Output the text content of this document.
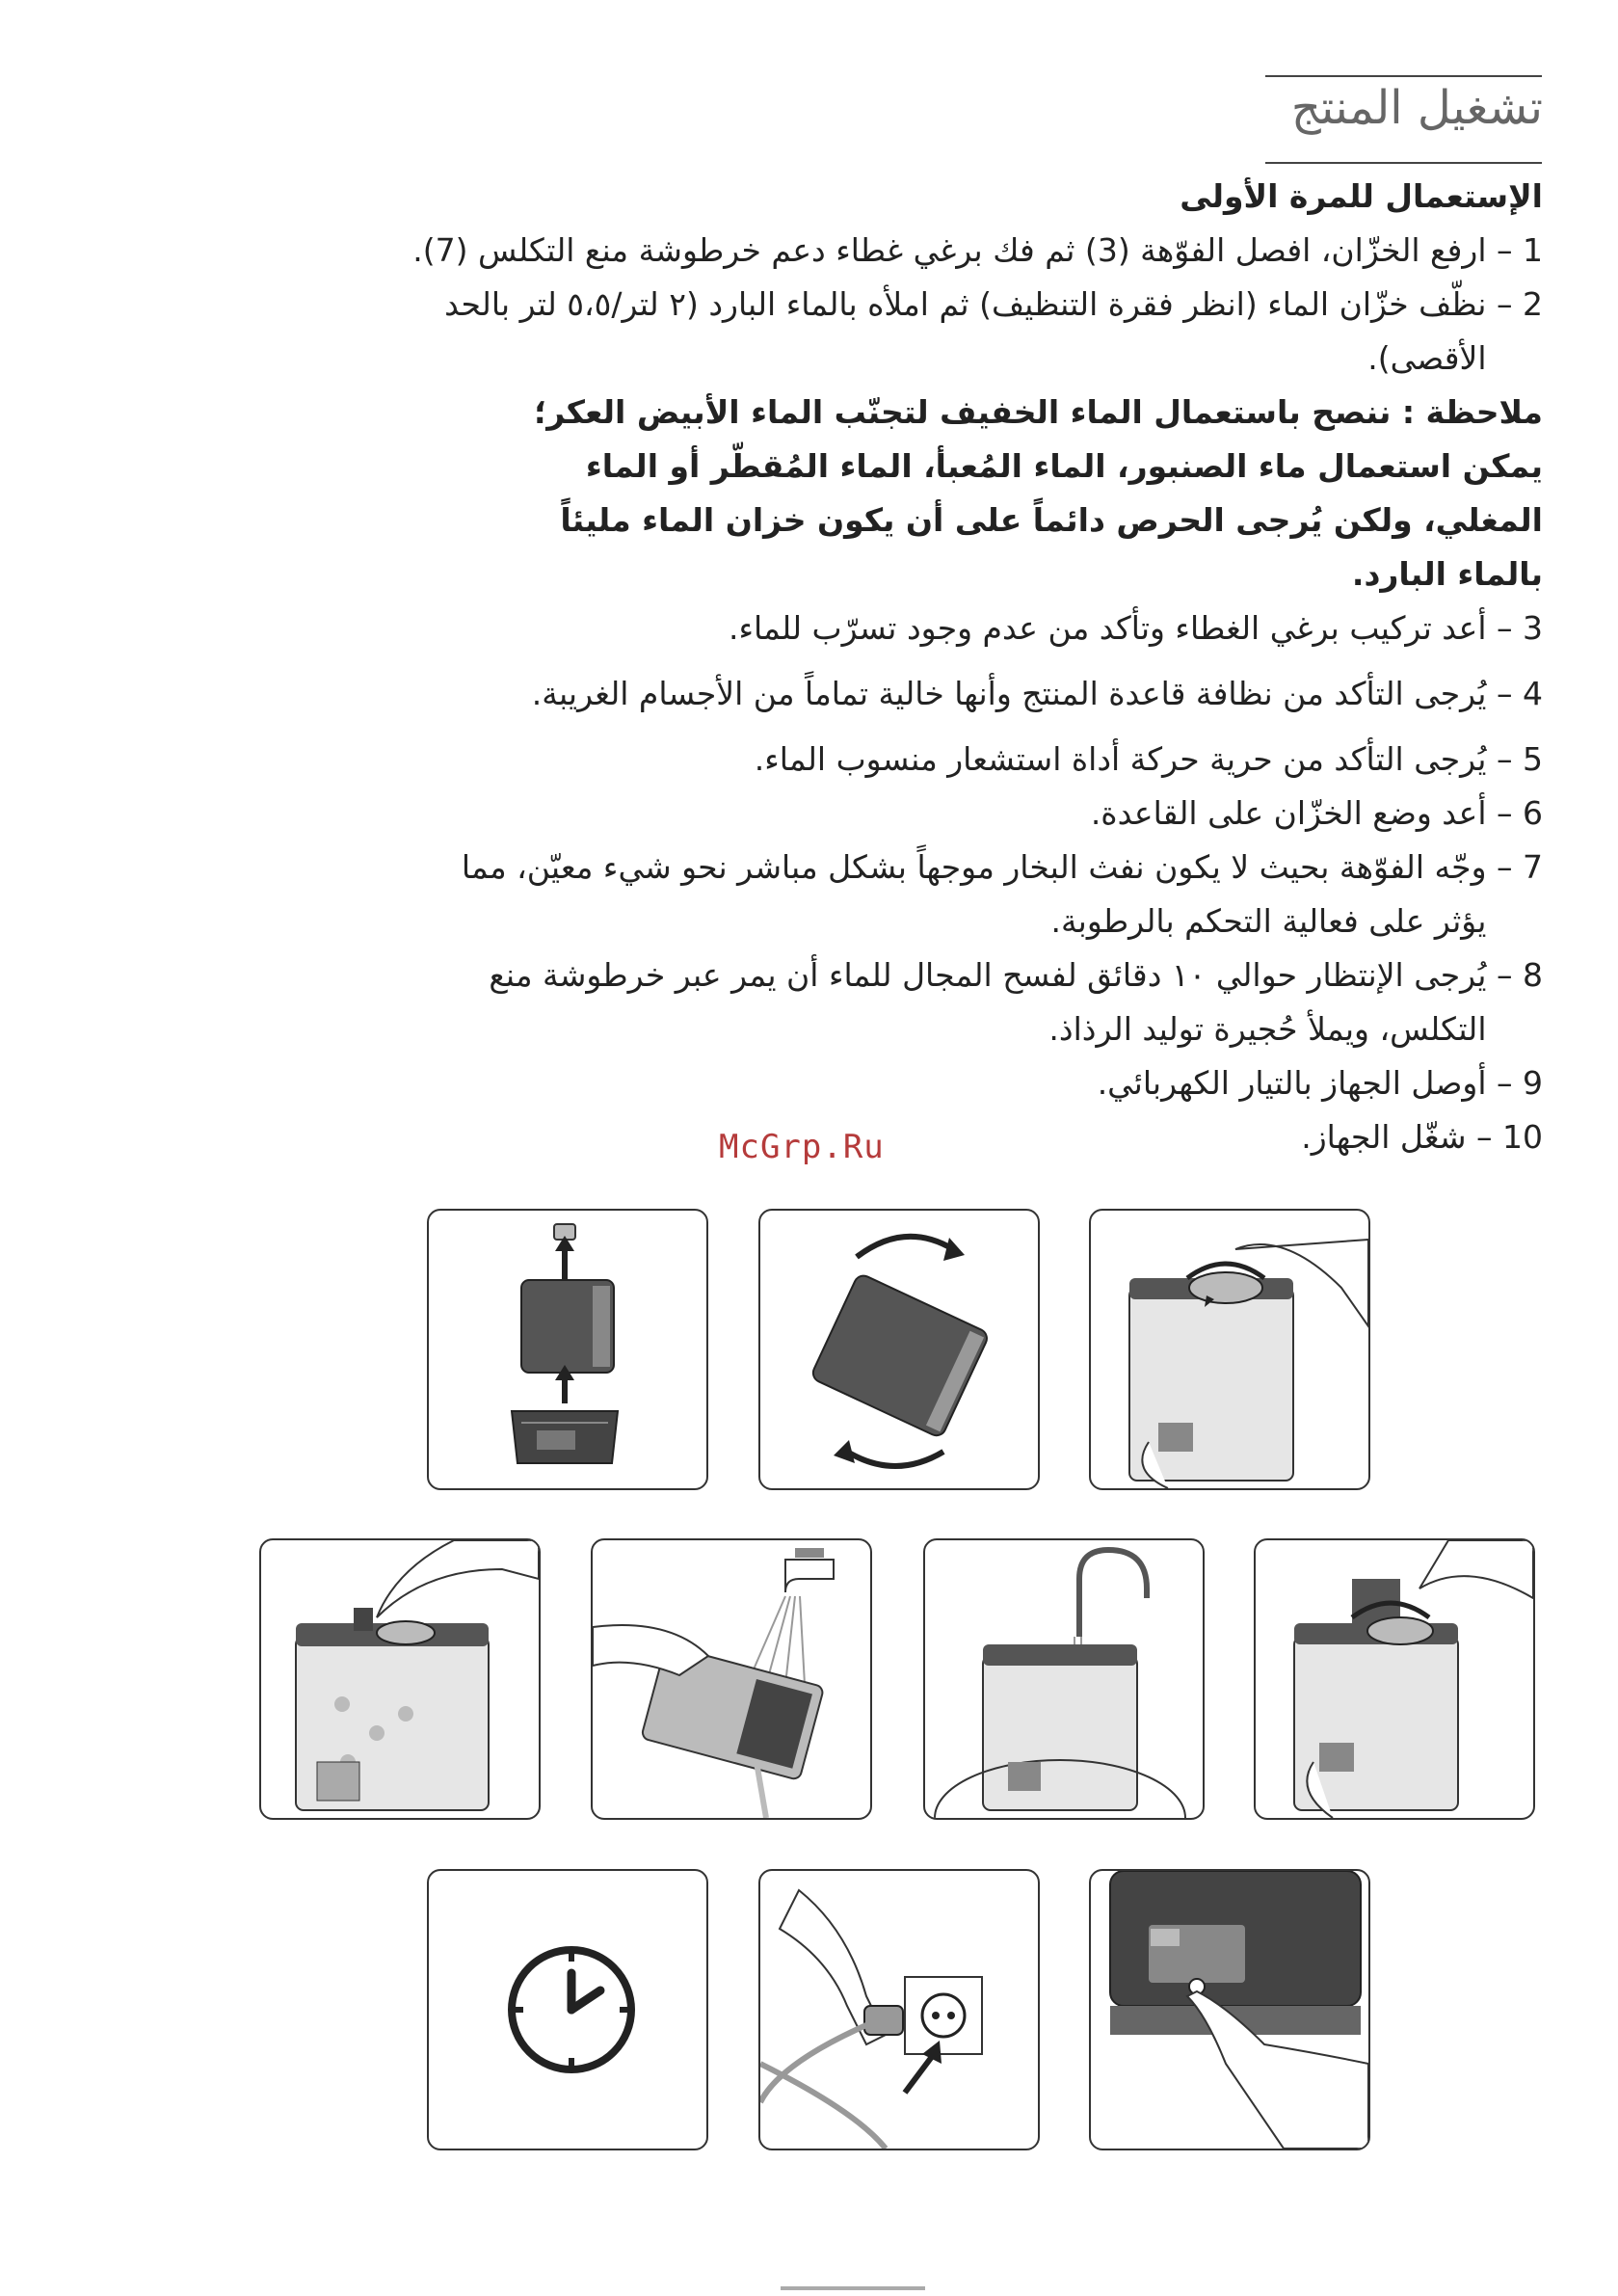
تشغيل المنتج

الإستعمال للمرة الأولى

1 –

ارفع الخزّان، افصل الفوّهة (3) ثم فك برغي غطاء دعم خرطوشة منع التكلس (7).
2 –

نظّف خزّان الماء (انظر فقرة التنظيف) ثم املأه بالماء البارد (٢ لتر/٥،٥ لتر بالحد الأقصى).

ملاحظة : ننصح باستعمال الماء الخفيف لتجنّب الماء الأبيض العكر؛ يمكن استعمال ماء الصنبور، الماء المُعبأ، الماء المُقطّر أو الماء المغلي، ولكن يُرجى الحرص دائماً على أن يكون خزان الماء مليئاً بالماء البارد.

3 –

أعد تركيب برغي الغطاء وتأكد من عدم وجود تسرّب للماء.
4 –

يُرجى التأكد من نظافة قاعدة المنتج وأنها خالية تماماً من الأجسام الغريبة.
5 –

يُرجى التأكد من حرية حركة أداة استشعار منسوب الماء.
6 –

أعد وضع الخزّان على القاعدة.
7 –

وجّه الفوّهة بحيث لا يكون نفث البخار موجهاً بشكل مباشر نحو شيء معيّن، مما يؤثر على فعالية التحكم بالرطوبة.
8 –

يُرجى الإنتظار حوالي ١٠ دقائق لفسح المجال للماء أن يمر عبر خرطوشة منع التكلس، ويملأ حُجيرة توليد الرذاذ.
9 –

أوصل الجهاز بالتيار الكهربائي.
10 –

شغّل الجهاز.
McGrp.Ru
